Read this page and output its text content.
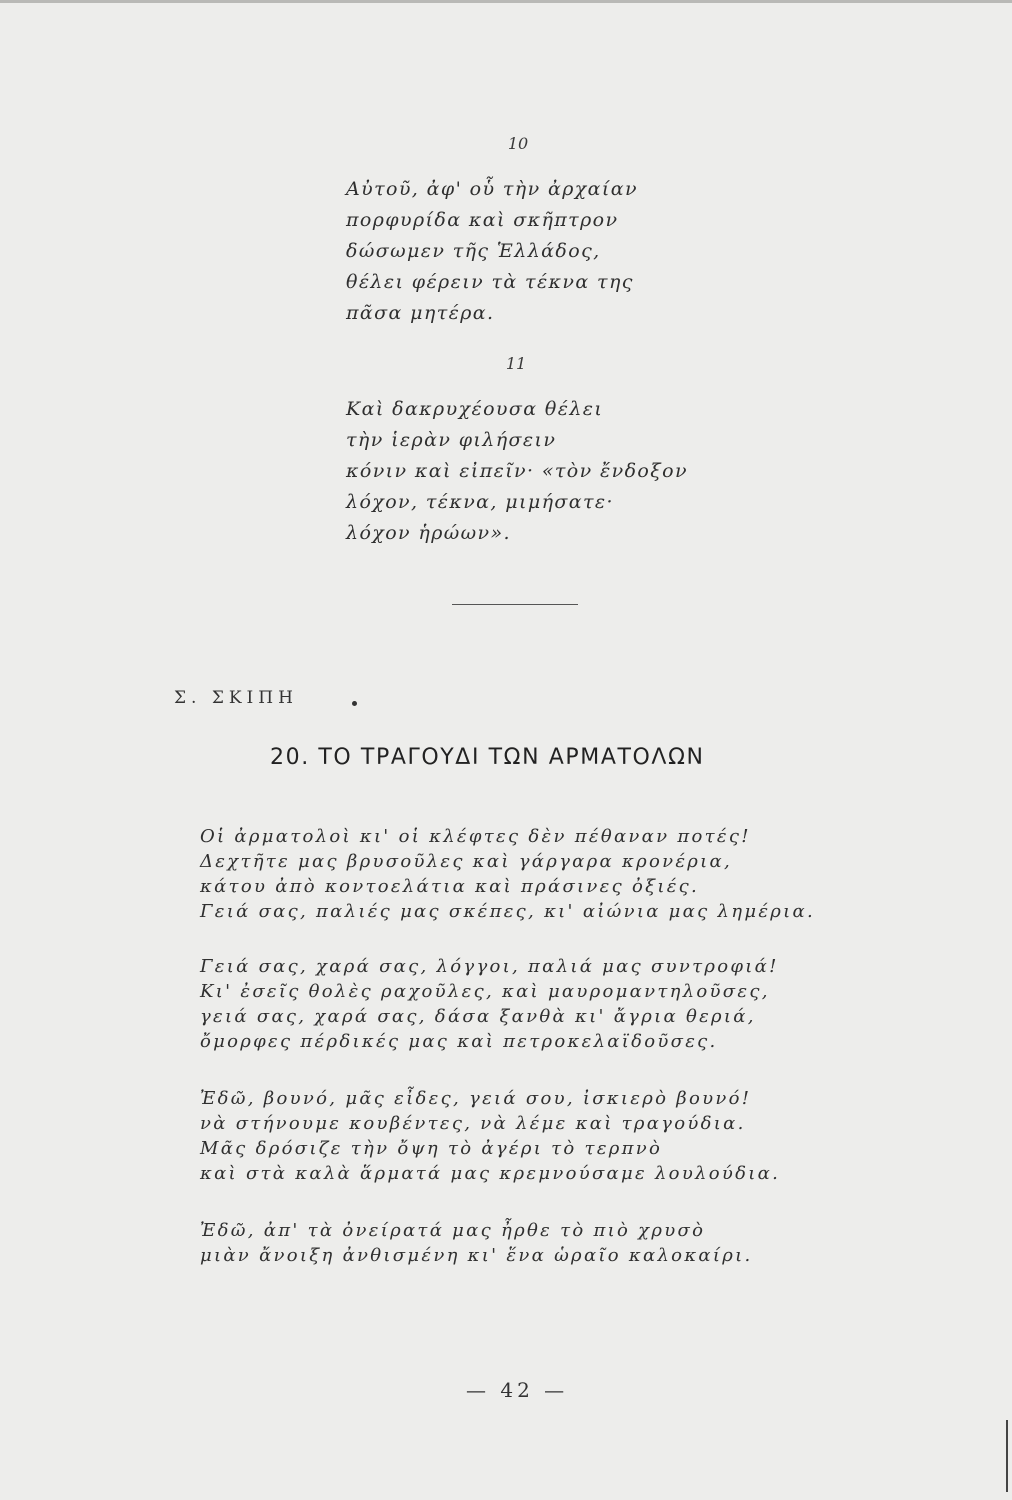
10
Αὐτοῦ, ἀφ' οὗ τὴν ἀρχαίαν
πορφυρίδα καὶ σκῆπτρον
δώσωμεν τῆς Ἑλλάδος,
θέλει φέρειν τὰ τέκνα της
πᾶσα μητέρα.
11
Καὶ δακρυχέουσα θέλει
τὴν ἱερὰν φιλήσειν
κόνιν καὶ εἰπεῖν· «τὸν ἔνδοξον
λόχον, τέκνα, μιμήσατε·
λόχον ἡρώων».
Σ. ΣΚΙΠΗ
20. ΤΟ ΤΡΑΓΟΥΔΙ ΤΩΝ ΑΡΜΑΤΟΛΩΝ
Οἱ ἀρματολοὶ κι' οἱ κλέφτες δὲν πέθαναν ποτές!
Δεχτῆτε μας βρυσοῦλες καὶ γάργαρα κρονέρια,
κάτου ἀπὸ κοντοελάτια καὶ πράσινες ὀξιές.
Γειά σας, παλιές μας σκέπες, κι' αἰώνια μας λημέρια.
Γειά σας, χαρά σας, λόγγοι, παλιά μας συντροφιά!
Κι' ἐσεῖς θολὲς ραχοῦλες, καὶ μαυρομαντηλοῦσες,
γειά σας, χαρά σας, δάσα ξανθὰ κι' ἄγρια θεριά,
ὄμορφες πέρδικές μας καὶ πετροκελαϊδοῦσες.
Ἐδῶ, βουνό, μᾶς εἶδες, γειά σου, ἰσκιερὸ βουνό!
νὰ στήνουμε κουβέντες, νὰ λέμε καὶ τραγούδια.
Μᾶς δρόσιζε τὴν ὄψη τὸ ἀγέρι τὸ τερπνὸ
καὶ στὰ καλὰ ἅρματά μας κρεμνούσαμε λουλούδια.
Ἐδῶ, ἀπ' τὰ ὀνείρατά μας ἦρθε τὸ πιὸ χρυσὸ
μιὰν ἄνοιξη ἀνθισμένη κι' ἕνα ὡραῖο καλοκαίρι.
— 42 —
